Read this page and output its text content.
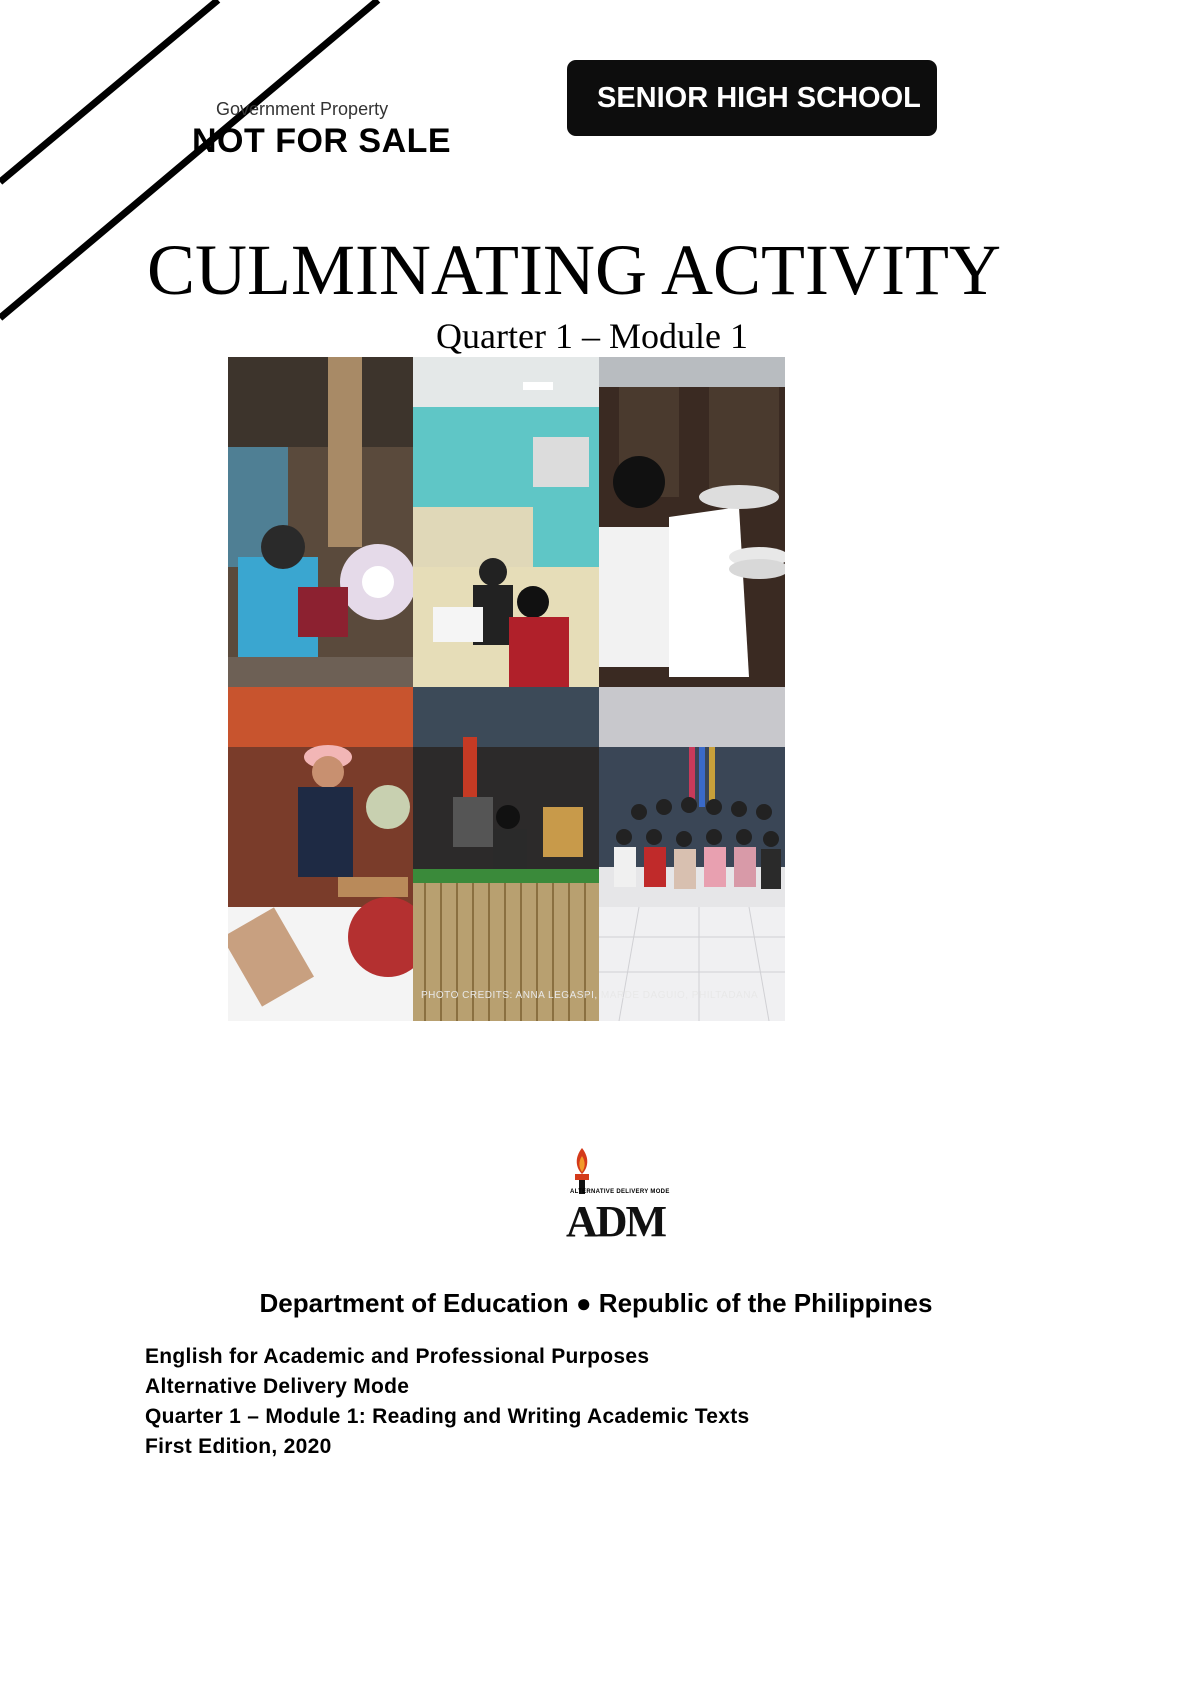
Government Property
NOT FOR SALE
SENIOR HIGH SCHOOL
CULMINATING ACTIVITY
Quarter 1 – Module 1
PHOTO CREDITS: ANNA LEGASPI, MARDE DAGUIO, PHILTADANA
ADM
ALTERNATIVE DELIVERY MODE
Department of Education ● Republic of the Philippines
English for Academic and Professional Purposes
Alternative Delivery Mode
Quarter 1 – Module 1: Reading and Writing Academic Texts
First Edition, 2020
